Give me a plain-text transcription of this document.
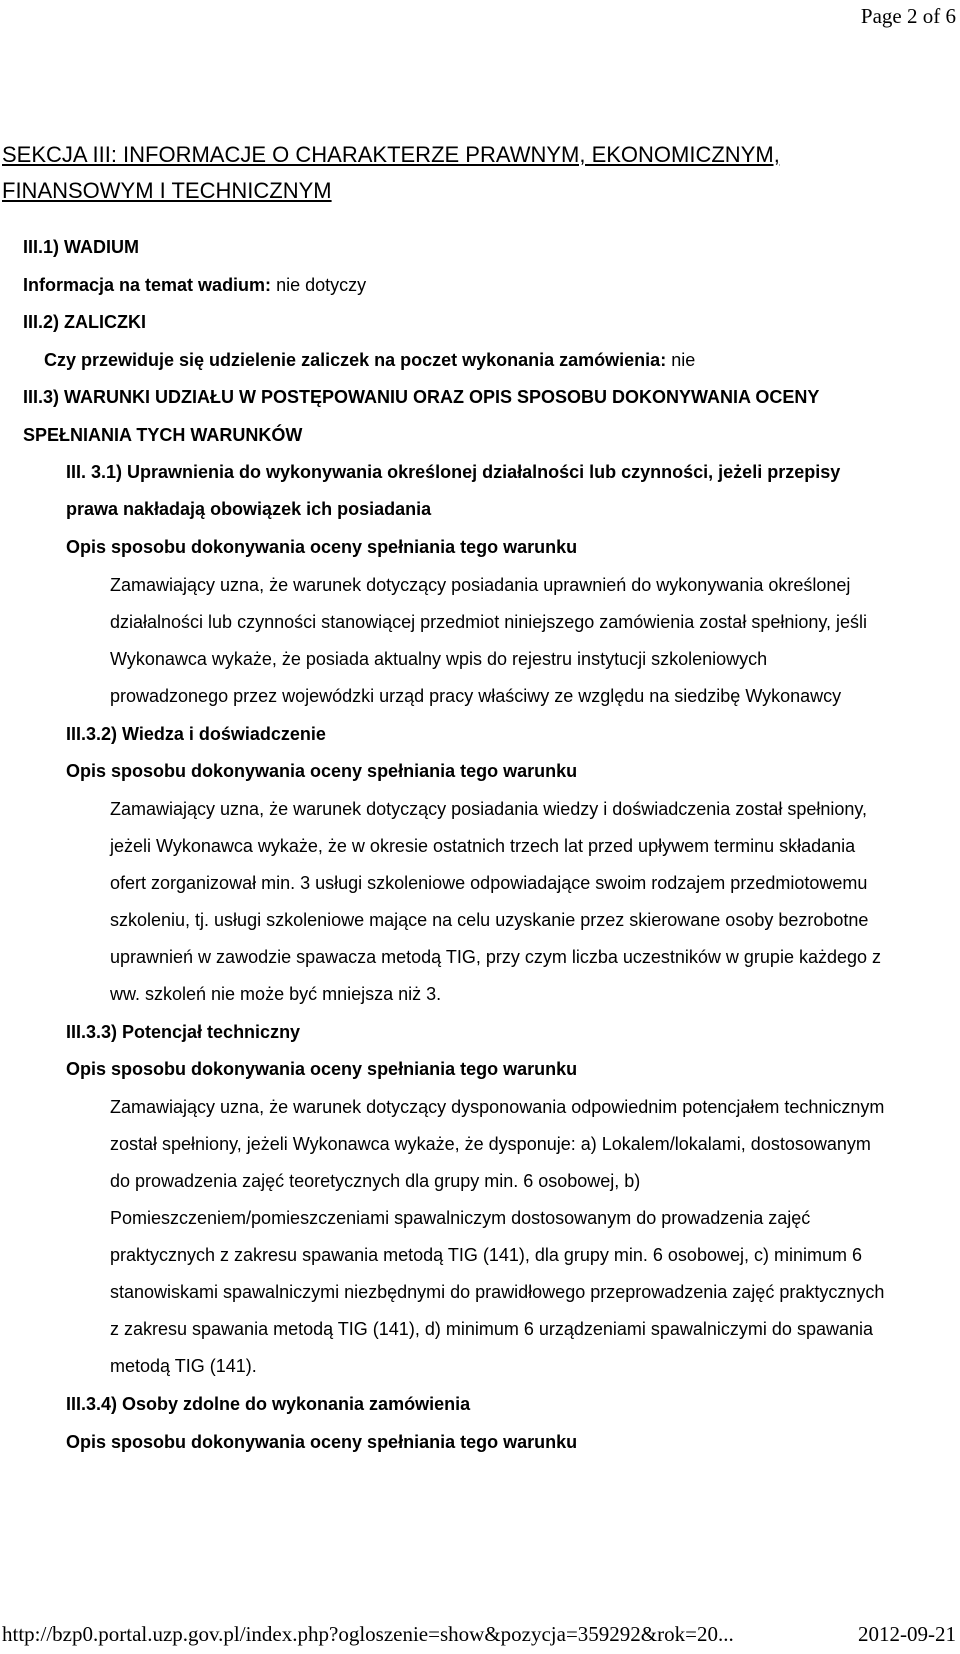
Page 2 of 6
SEKCJA III: INFORMACJE O CHARAKTERZE PRAWNYM, EKONOMICZNYM,
FINANSOWYM I TECHNICZNYM
III.1) WADIUM
Informacja na temat wadium: nie dotyczy
III.2) ZALICZKI
Czy przewiduje się udzielenie zaliczek na poczet wykonania zamówienia: nie
III.3) WARUNKI UDZIAŁU W POSTĘPOWANIU ORAZ OPIS SPOSOBU DOKONYWANIA OCENY
SPEŁNIANIA TYCH WARUNKÓW
III. 3.1) Uprawnienia do wykonywania określonej działalności lub czynności, jeżeli przepisy
prawa nakładają obowiązek ich posiadania
Opis sposobu dokonywania oceny spełniania tego warunku
Zamawiający uzna, że warunek dotyczący posiadania uprawnień do wykonywania określonej
działalności lub czynności stanowiącej przedmiot niniejszego zamówienia został spełniony, jeśli
Wykonawca wykaże, że posiada aktualny wpis do rejestru instytucji szkoleniowych
prowadzonego przez wojewódzki urząd pracy właściwy ze względu na siedzibę Wykonawcy
III.3.2) Wiedza i doświadczenie
Opis sposobu dokonywania oceny spełniania tego warunku
Zamawiający uzna, że warunek dotyczący posiadania wiedzy i doświadczenia został spełniony,
jeżeli Wykonawca wykaże, że w okresie ostatnich trzech lat przed upływem terminu składania
ofert zorganizował min. 3 usługi szkoleniowe odpowiadające swoim rodzajem przedmiotowemu
szkoleniu, tj. usługi szkoleniowe mające na celu uzyskanie przez skierowane osoby bezrobotne
uprawnień w zawodzie spawacza metodą TIG, przy czym liczba uczestników w grupie każdego z
ww. szkoleń nie może być mniejsza niż 3.
III.3.3) Potencjał techniczny
Opis sposobu dokonywania oceny spełniania tego warunku
Zamawiający uzna, że warunek dotyczący dysponowania odpowiednim potencjałem technicznym
został spełniony, jeżeli Wykonawca wykaże, że dysponuje: a) Lokalem/lokalami, dostosowanym
do prowadzenia zajęć teoretycznych dla grupy min. 6 osobowej, b)
Pomieszczeniem/pomieszczeniami spawalniczym dostosowanym do prowadzenia zajęć
praktycznych z zakresu spawania metodą TIG (141), dla grupy min. 6 osobowej, c) minimum 6
stanowiskami spawalniczymi niezbędnymi do prawidłowego przeprowadzenia zajęć praktycznych
z zakresu spawania metodą TIG (141), d) minimum 6 urządzeniami spawalniczymi do spawania
metodą TIG (141).
III.3.4) Osoby zdolne do wykonania zamówienia
Opis sposobu dokonywania oceny spełniania tego warunku
http://bzp0.portal.uzp.gov.pl/index.php?ogloszenie=show&pozycja=359292&rok=20...	2012-09-21
